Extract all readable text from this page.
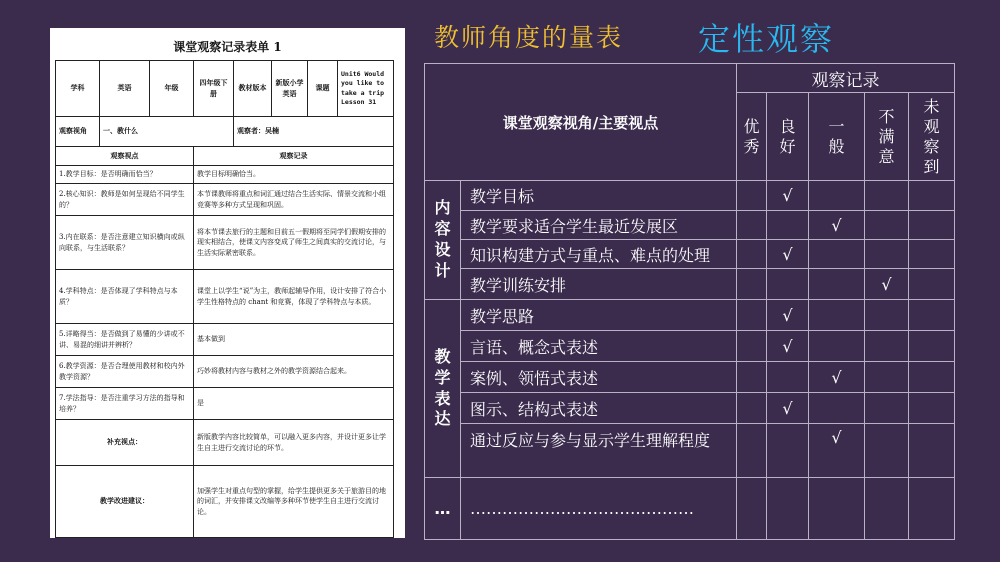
课堂观察记录表单 1
学科	英语	年级	四年级下册	教材版本	新版小学英语	课题	Unit6 Would you like to take a trip Lesson 31
观察视角	一、教什么			观察者：吴楠			
观察视点			观察记录				
1.教学目标：是否明确而恰当？			教学目标明确恰当。				
2.核心知识：教师是如何呈现给不同学生的？			本节课教师将重点和词汇通过结合生活实际、情景交流和小组竞赛等多种方式呈现和巩固。				
3.内在联系：是否注意建立知识横向或纵向联系，与生活联系？			将本节课去旅行的主题和目前五一假期将至同学们假期安排的现实相结合，使课文内容变成了师生之间真实的交流讨论，与生活实际紧密联系。				
4.学科特点：是否体现了学科特点与本质？			课堂上以学生“说”为主，教师起辅导作用，设计安排了符合小学生性格特点的 chant 和竞赛，体现了学科特点与本质。				
5.详略得当：是否做到了易懂的少讲或不讲、易混的细讲并辨析？			基本做到				
6.教学资源：是否合理使用教材和校内外教学资源？			巧妙将教材内容与教材之外的教学资源结合起来。				
7.学法指导：是否注重学习方法的指导和培养？			是				
补充视点：			新版教学内容比较简单，可以融入更多内容，并设计更多让学生自主进行交流讨论的环节。				
教学改进建议：			加强学生对重点句型的掌握，给学生提供更多关于旅游目的地的词汇，并安排课文改编等多种环节使学生自主进行交流讨论。				
教师角度的量表 定性观察
课堂观察视角/主要视点		观察记录				
		优秀	良好	一般	不满意	未观察到
内容设计	教学目标		√			
	教学要求适合学生最近发展区			√		
	知识构建方式与重点、难点的处理		√			
	教学训练安排				√	
教学表达	教学思路		√			
	言语、概念式表述		√			
	案例、领悟式表述			√		
	图示、结构式表述		√			
	通过反应与参与显示学生理解程度			√		
…	……………………………………					
